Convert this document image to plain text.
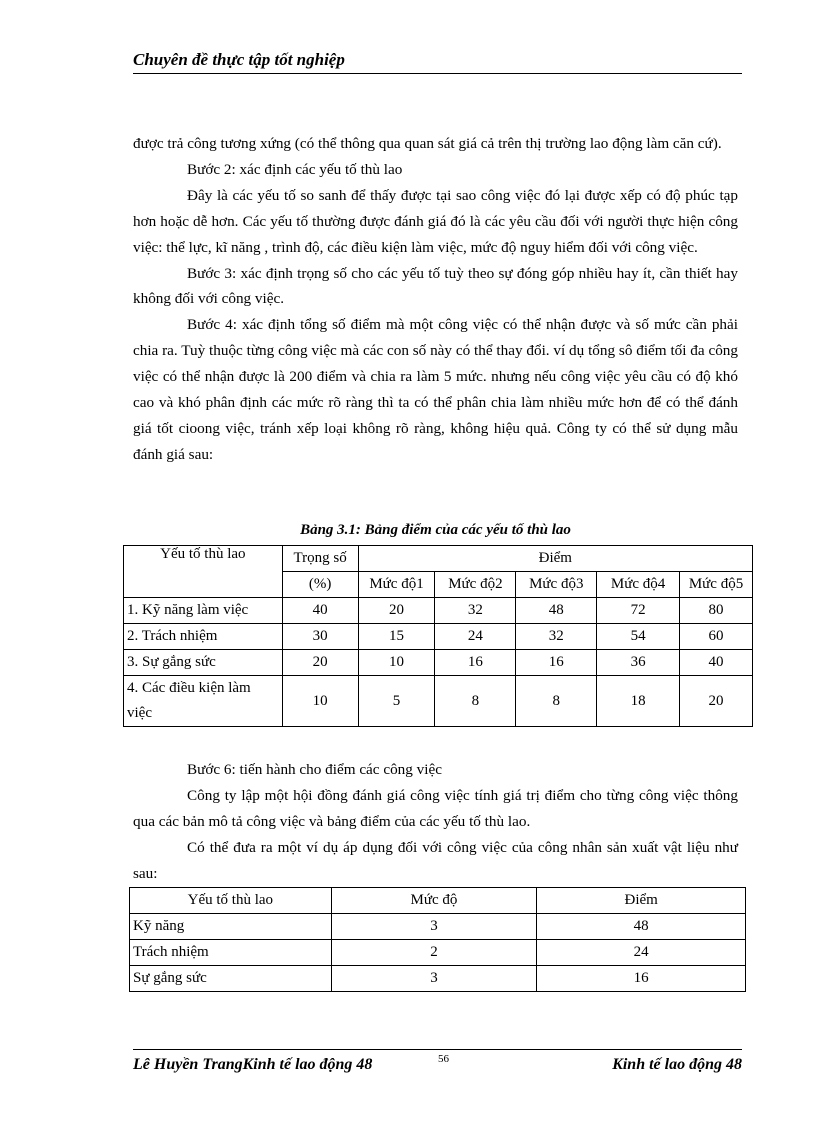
Chuyên đề thực tập tốt nghiệp

được trả công tương xứng (có thể thông qua quan sát giá cả trên thị trường lao động làm căn cứ).

Bước 2: xác định các yếu tố thù lao

Đây là các yếu tố so sanh để thấy được tại sao công việc đó lại được xếp có độ phúc tạp hơn hoặc dễ hơn. Các yếu tố thường được đánh giá đó là các yêu cầu đối với người thực hiện công việc: thể lực, kĩ năng , trình độ, các điều kiện làm việc, mức độ nguy hiểm đối với công việc.

Bước 3: xác định trọng số cho các yếu tố tuỳ theo sự đóng góp nhiều hay ít, cần thiết hay không đối với công việc.

Bước 4: xác định tổng số điểm mà một công việc có thể nhận được và số mức cần phải chia ra. Tuỳ thuộc từng công việc mà các con số này có thể thay đổi. ví dụ tổng sô điểm tối đa công việc có thể nhận được là 200 điểm và chia ra làm 5 mức. nhưng nếu công việc yêu cầu có độ khó cao và khó phân định các mức rõ ràng thì ta có thể phân chia làm nhiều mức hơn để có thể đánh giá tốt cioong việc, tránh xếp loại không rõ ràng, không hiệu quả. Công ty có thể sử dụng mẫu đánh giá sau:

Bảng 3.1: Bảng điểm của các yếu tố thù lao
Yếu tố thù lao	Trọng số	Điểm				
	(%)	Mức độ1	Mức độ2	Mức độ3	Mức độ4	Mức độ5
1. Kỹ năng làm việc	40	20	32	48	72	80
2. Trách nhiệm	30	15	24	32	54	60
3. Sự gắng sức	20	10	16	16	36	40
4. Các điều kiện làm việc	10	5	8	8	18	20

Bước 6: tiến hành cho điểm các công việc

Công ty lập một hội đồng đánh giá công việc tính giá trị điểm cho từng công việc thông qua các bản mô tả công việc và bảng điểm của các yếu tố thù lao.

Có thể đưa ra một ví dụ áp dụng đối với công việc của công nhân sản xuất vật liệu như sau:

Yếu tố thù lao	Mức độ	Điểm
Kỹ năng	3	48
Trách nhiệm	2	24
Sự gắng sức	3	16
Lê Huyền TrangKinh tế lao động 48	56	Kinh tế lao động 48
